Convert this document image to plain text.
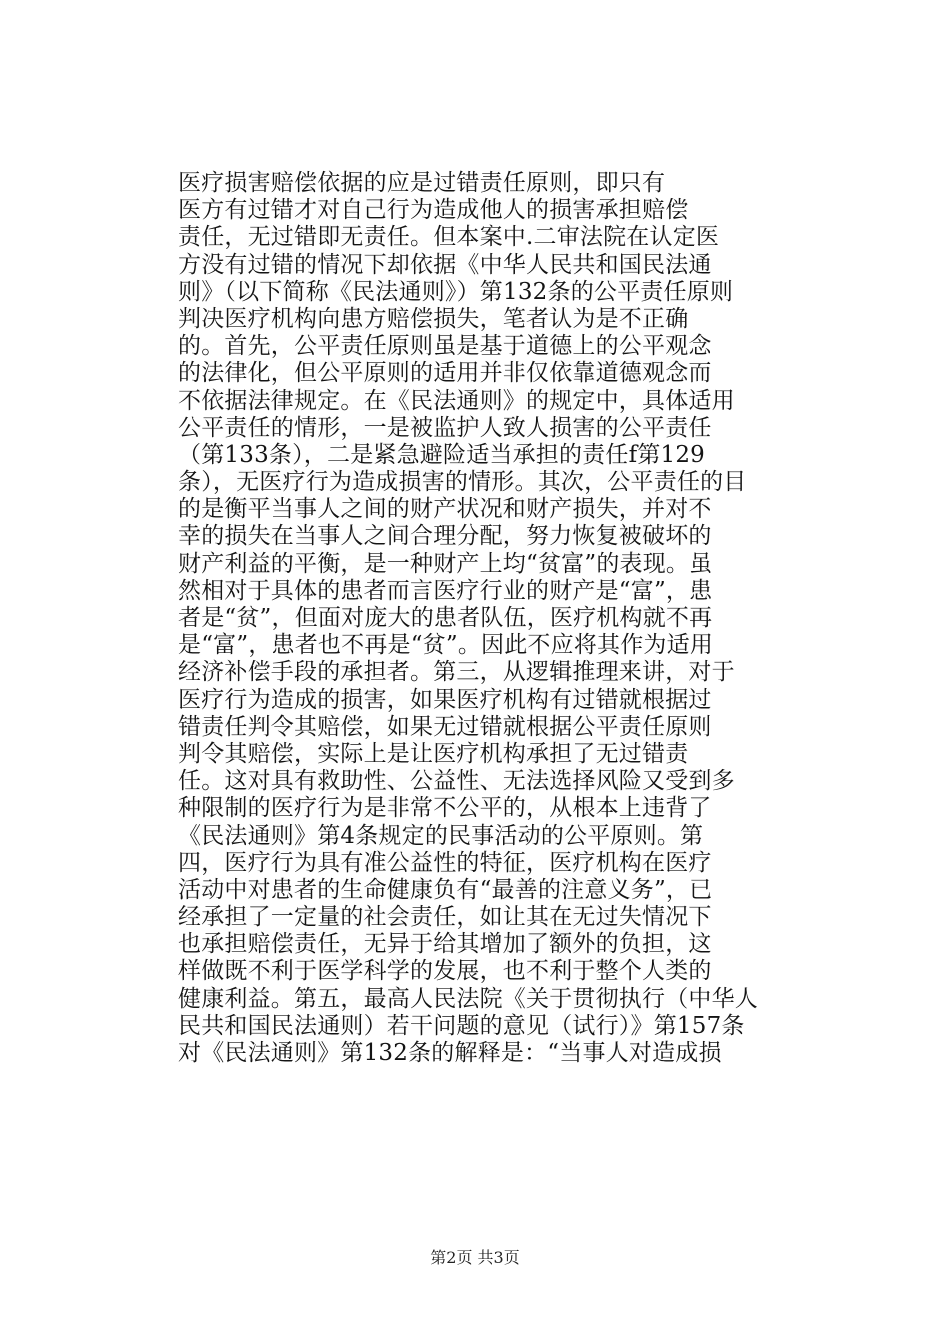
医疗损害赔偿依据的应是过错责任原则，即只有
医方有过错才对自己行为造成他人的损害承担赔偿
责任，无过错即无责任。但本案中.二审法院在认定医
方没有过错的情况下却依据《中华人民共和国民法通
则》（以下简称《民法通则》）第132条的公平责任原则
判决医疗机构向患方赔偿损失，笔者认为是不正确
的。首先，公平责任原则虽是基于道德上的公平观念
的法律化，但公平原则的适用并非仅依靠道德观念而
不依据法律规定。在《民法通则》的规定中，具体适用
公平责任的情形，一是被监护人致人损害的公平责任
（第133条），二是紧急避险适当承担的责任f第129
条），无医疗行为造成损害的情形。其次，公平责任的目
的是衡平当事人之间的财产状况和财产损失，并对不
幸的损失在当事人之间合理分配，努力恢复被破坏的
财产利益的平衡，是一种财产上均“贫富”的表现。虽
然相对于具体的患者而言医疗行业的财产是“富”，患
者是“贫”，但面对庞大的患者队伍，医疗机构就不再
是“富”，患者也不再是“贫”。因此不应将其作为适用
经济补偿手段的承担者。第三，从逻辑推理来讲，对于
医疗行为造成的损害，如果医疗机构有过错就根据过
错责任判令其赔偿，如果无过错就根据公平责任原则
判令其赔偿，实际上是让医疗机构承担了无过错责
任。这对具有救助性、公益性、无法选择风险又受到多
种限制的医疗行为是非常不公平的，从根本上违背了
《民法通则》第4条规定的民事活动的公平原则。第
四，医疗行为具有准公益性的特征，医疗机构在医疗
活动中对患者的生命健康负有“最善的注意义务”，已
经承担了一定量的社会责任，如让其在无过失情况下
也承担赔偿责任，无异于给其增加了额外的负担，这
样做既不利于医学科学的发展，也不利于整个人类的
健康利益。第五，最高人民法院《关于贯彻执行（中华人
民共和国民法通则）若干问题的意见（试行）》第157条
对《民法通则》第132条的解释是：“当事人对造成损
第2页 共3页
